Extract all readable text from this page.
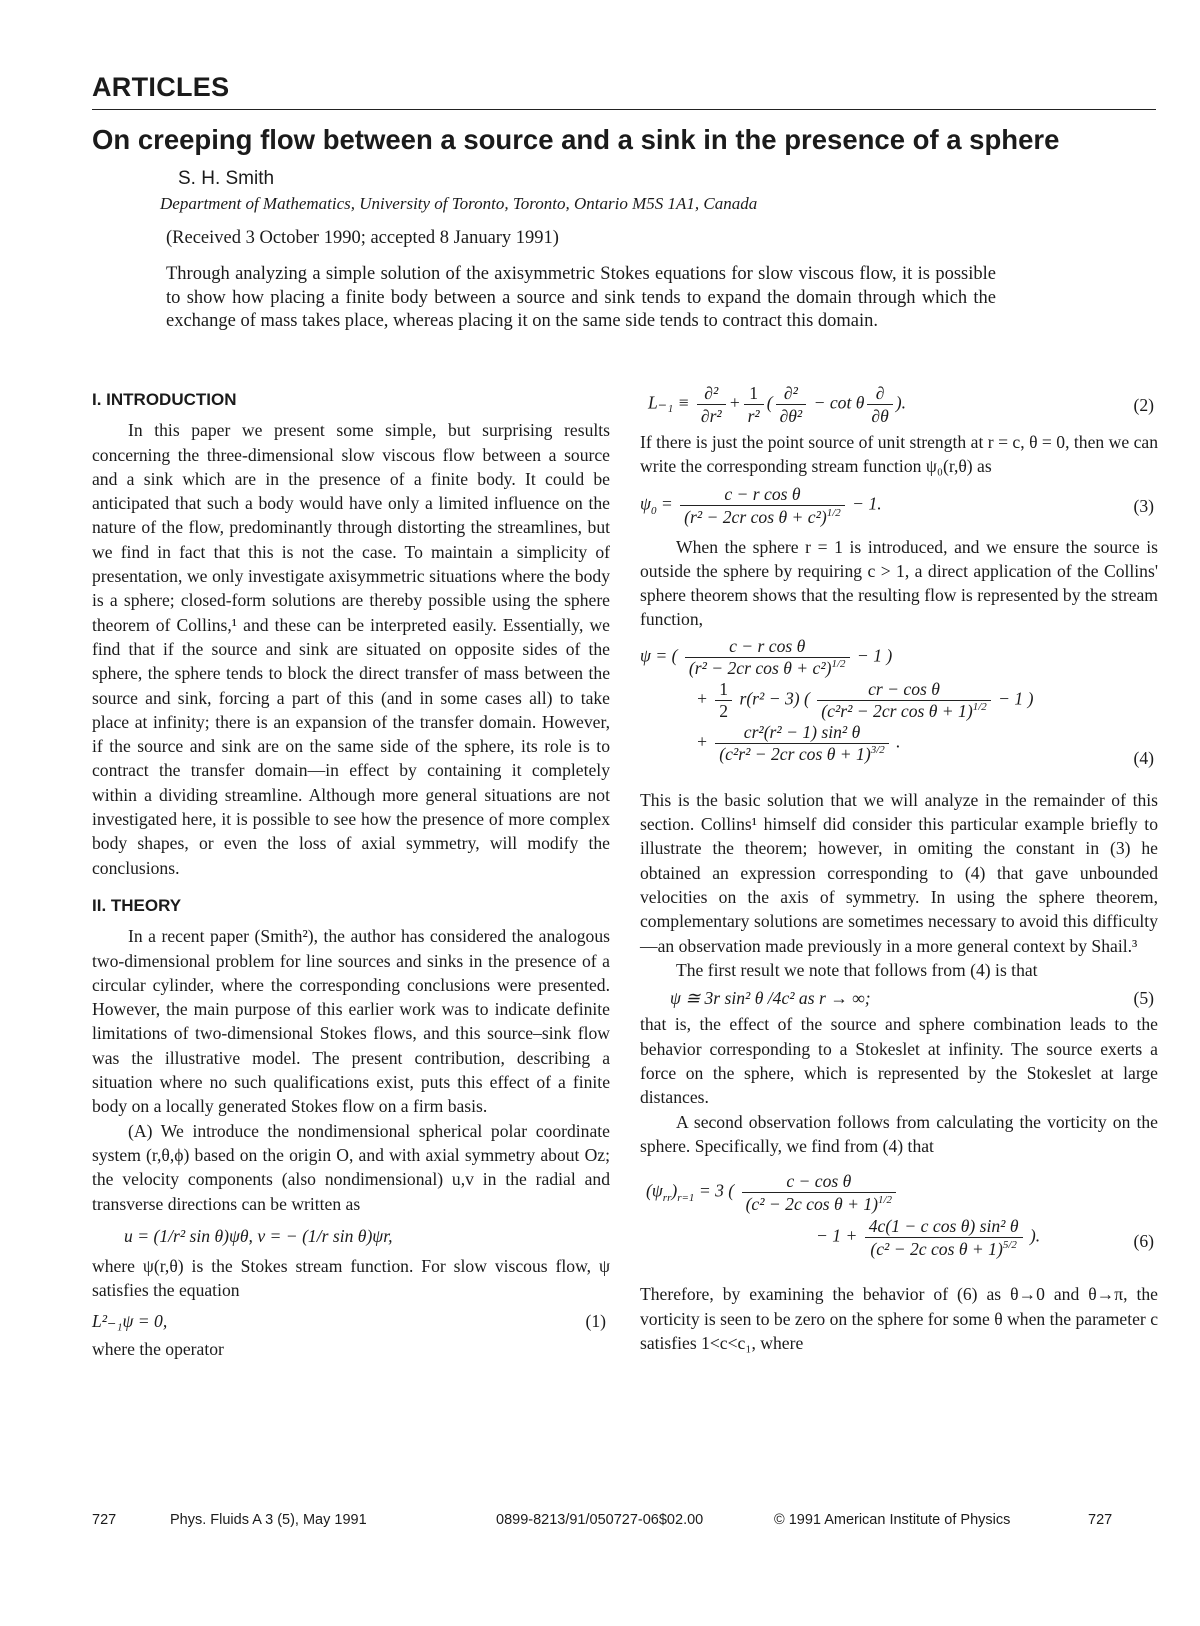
ARTICLES
On creeping flow between a source and a sink in the presence of a sphere
S. H. Smith
Department of Mathematics, University of Toronto, Toronto, Ontario M5S 1A1, Canada
(Received 3 October 1990; accepted 8 January 1991)
Through analyzing a simple solution of the axisymmetric Stokes equations for slow viscous flow, it is possible to show how placing a finite body between a source and sink tends to expand the domain through which the exchange of mass takes place, whereas placing it on the same side tends to contract this domain.

I. INTRODUCTION

In this paper we present some simple, but surprising results concerning the three-dimensional slow viscous flow between a source and a sink which are in the presence of a finite body. It could be anticipated that such a body would have only a limited influence on the nature of the flow, predominantly through distorting the streamlines, but we find in fact that this is not the case. To maintain a simplicity of presentation, we only investigate axisymmetric situations where the body is a sphere; closed-form solutions are thereby possible using the sphere theorem of Collins,¹ and these can be interpreted easily. Essentially, we find that if the source and sink are situated on opposite sides of the sphere, the sphere tends to block the direct transfer of mass between the source and sink, forcing a part of this (and in some cases all) to take place at infinity; there is an expansion of the transfer domain. However, if the source and sink are on the same side of the sphere, its role is to contract the transfer domain—in effect by containing it completely within a dividing streamline. Although more general situations are not investigated here, it is possible to see how the presence of more complex body shapes, or even the loss of axial symmetry, will modify the conclusions.

II. THEORY

In a recent paper (Smith²), the author has considered the analogous two-dimensional problem for line sources and sinks in the presence of a circular cylinder, where the corresponding conclusions were presented. However, the main purpose of this earlier work was to indicate definite limitations of two-dimensional Stokes flows, and this source–sink flow was the illustrative model. The present contribution, describing a situation where no such qualifications exist, puts this effect of a finite body on a locally generated Stokes flow on a firm basis.

(A) We introduce the nondimensional spherical polar coordinate system (r,θ,ϕ) based on the origin O, and with axial symmetry about Oz; the velocity components (also nondimensional) u,v in the radial and transverse directions can be written as

u = (1/r² sin θ)ψθ, v = − (1/r sin θ)ψr,

where ψ(r,θ) is the Stokes stream function. For slow viscous flow, ψ satisfies the equation

L²₋₁ψ = 0,	(1)

where the operator

$L_{-1} \equiv \frac{\text{∂²}}{\text{∂r²}} + \frac{1}{\text{r²}}$ ( $\frac{\text{∂²}}{\text{∂θ²}} - \cot \theta \frac{\partial}{\partial\theta}$ ).	(2)

If there is just the point source of unit strength at r = c, θ = 0, then we can write the corresponding stream function ψ₀(r,θ) as

$\psi_0 = \frac{\text{c − r cos θ}}{(r^2 - 2cr \cos \theta + c^2)^{1/2}} - 1$.	(3)

When the sphere r = 1 is introduced, and we ensure the source is outside the sphere by requiring c > 1, a direct application of the Collins' sphere theorem shows that the resulting flow is represented by the stream function,

ψ = ( $\frac{\text{c − r cos θ}}{(r^2 - 2cr \cos \theta + c^2)^{1/2}} - 1$ )
+ $\frac{1}{2} r(r^2 - 3)$ ( $\frac{\text{cr − cos θ}}{(c^2r^2 - 2cr \cos \theta + 1)^{1/2}} - 1$ )
+ $\frac{\text{cr²(r² − 1) sin² θ}}{(c^2r^2 - 2cr \cos \theta + 1)^{3/2}}$ .
(4)

This is the basic solution that we will analyze in the remainder of this section. Collins¹ himself did consider this particular example briefly to illustrate the theorem; however, in omiting the constant in (3) he obtained an expression corresponding to (4) that gave unbounded velocities on the axis of symmetry. In using the sphere theorem, complementary solutions are sometimes necessary to avoid this difficulty—an observation made previously in a more general context by Shail.³

The first result we note that follows from (4) is that

ψ ≅ 3r sin² θ /4c² as r → ∞;	(5)

that is, the effect of the source and sphere combination leads to the behavior corresponding to a Stokeslet at infinity. The source exerts a force on the sphere, which is represented by the Stokeslet at large distances.

A second observation follows from calculating the vorticity on the sphere. Specifically, we find from (4) that

$(\psi_{rr})_{r=1} = 3$ ( $\frac{\text{c − cos θ}}{(c^2 - 2c \cos \theta + 1)^{1/2}}$
− $1 + \frac{\text{4c(1 − c cos θ) sin² θ}}{(c^2 - 2c \cos \theta + 1)^{5/2}}$ ).	(6)

Therefore, by examining the behavior of (6) as θ→0 and θ→π, the vorticity is seen to be zero on the sphere for some θ when the parameter c satisfies 1<c<c₁, where

727	Phys. Fluids A 3 (5), May 1991	0899-8213/91/050727-06$02.00	© 1991 American Institute of Physics	727
